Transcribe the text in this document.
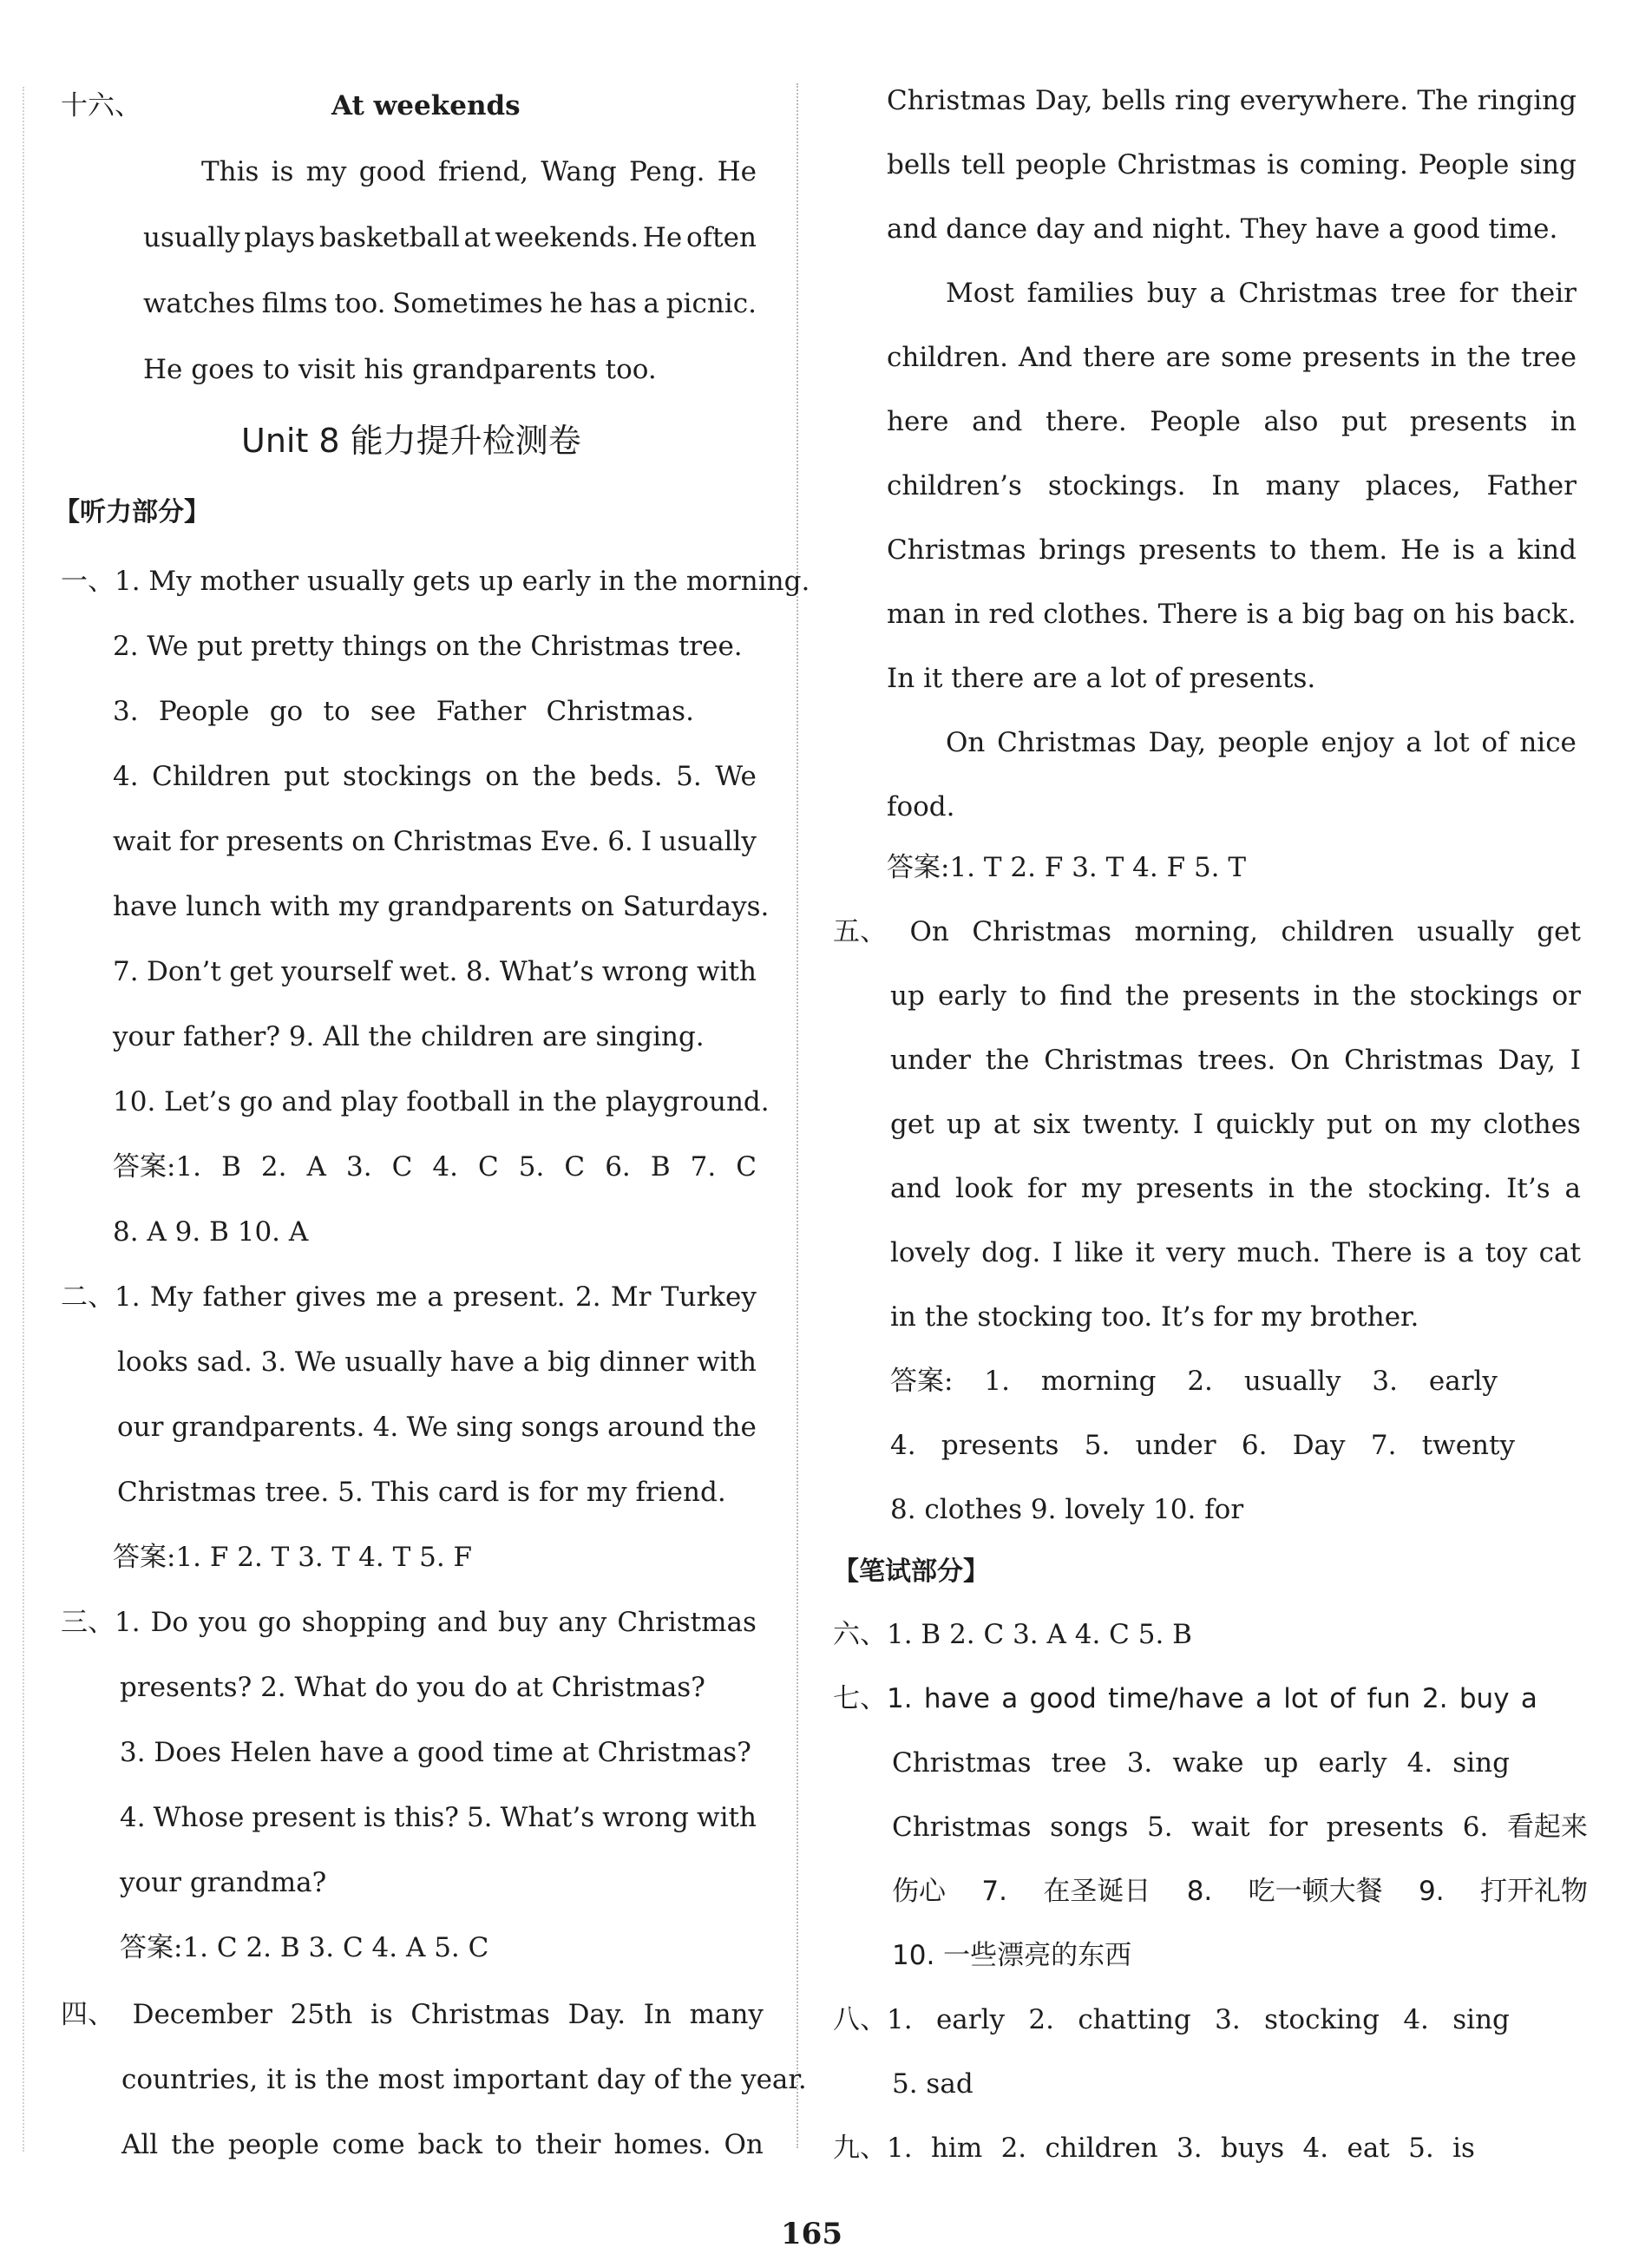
十六、	At weekends
This is my good friend, Wang Peng. He
usually plays basketball at weekends. He often
watches films too. Sometimes he has a picnic.
He goes to visit his grandparents too.
Unit 8 能力提升检测卷
【听力部分】
一、1. My mother usually gets up early in the morning.
2. We put pretty things on the Christmas tree.
3. People go to see Father Christmas.
4. Children put stockings on the beds. 5. We
wait for presents on Christmas Eve. 6. I usually
have lunch with my grandparents on Saturdays.
7. Don’t get yourself wet. 8. What’s wrong with
your father? 9. All the children are singing.
10. Let’s go and play football in the playground.
答案:1. B 2. A 3. C 4. C 5. C 6. B 7. C
8. A 9. B 10. A
二、1. My father gives me a present. 2. Mr Turkey
looks sad. 3. We usually have a big dinner with
our grandparents. 4. We sing songs around the
Christmas tree. 5. This card is for my friend.
答案:1. F 2. T 3. T 4. T 5. F
三、1. Do you go shopping and buy any Christmas
presents? 2. What do you do at Christmas?
3. Does Helen have a good time at Christmas?
4. Whose present is this? 5. What’s wrong with
your grandma?
答案:1. C 2. B 3. C 4. A 5. C
四、 December 25th is Christmas Day. In many
countries, it is the most important day of the year.
All the people come back to their homes. On
Christmas Day, bells ring everywhere. The ringing
bells tell people Christmas is coming. People sing
and dance day and night. They have a good time.
Most families buy a Christmas tree for their
children. And there are some presents in the tree
here and there. People also put presents in
children’s stockings. In many places, Father
Christmas brings presents to them. He is a kind
man in red clothes. There is a big bag on his back.
In it there are a lot of presents.
On Christmas Day, people enjoy a lot of nice
food.
答案:1. T 2. F 3. T 4. F 5. T
五、 On Christmas morning, children usually get
up early to find the presents in the stockings or
under the Christmas trees. On Christmas Day, I
get up at six twenty. I quickly put on my clothes
and look for my presents in the stocking. It’s a
lovely dog. I like it very much. There is a toy cat
in the stocking too. It’s for my brother.
答案: 1. morning 2. usually 3. early
4. presents 5. under 6. Day 7. twenty
8. clothes 9. lovely 10. for
【笔试部分】
六、1. B 2. C 3. A 4. C 5. B
七、1. have a good time/have a lot of fun 2. buy a
Christmas tree 3. wake up early 4. sing
Christmas songs 5. wait for presents 6. 看起来
伤心 7. 在圣诞日 8. 吃一顿大餐 9. 打开礼物
10. 一些漂亮的东西
八、1. early 2. chatting 3. stocking 4. sing
5. sad
九、1. him 2. children 3. buys 4. eat 5. is
165
